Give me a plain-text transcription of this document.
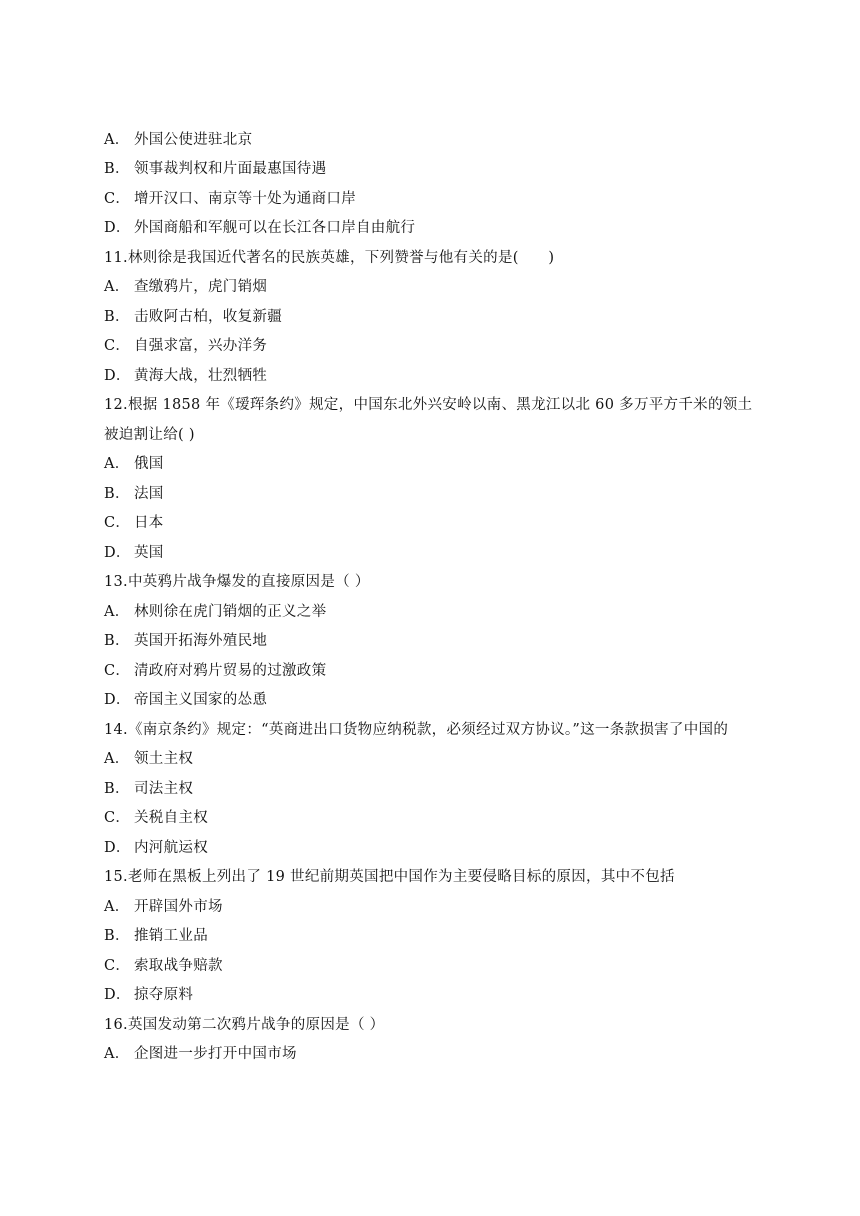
A． 外国公使进驻北京
B． 领事裁判权和片面最惠国待遇
C． 增开汉口、南京等十处为通商口岸
D． 外国商船和军舰可以在长江各口岸自由航行
11.林则徐是我国近代著名的民族英雄，下列赞誉与他有关的是(　　)
A． 查缴鸦片，虎门销烟
B． 击败阿古柏，收复新疆
C． 自强求富，兴办洋务
D． 黄海大战，壮烈牺牲
12.根据 1858 年《瑷珲条约》规定，中国东北外兴安岭以南、黑龙江以北 60 多万平方千米的领土
被迫割让给( )
A． 俄国
B． 法国
C． 日本
D． 英国
13.中英鸦片战争爆发的直接原因是（ ）
A． 林则徐在虎门销烟的正义之举
B． 英国开拓海外殖民地
C． 清政府对鸦片贸易的过激政策
D． 帝国主义国家的怂恿
14.《南京条约》规定：“英商进出口货物应纳税款，必须经过双方协议。”这一条款损害了中国的
A． 领土主权
B． 司法主权
C． 关税自主权
D． 内河航运权
15.老师在黑板上列出了 19 世纪前期英国把中国作为主要侵略目标的原因，其中不包括
A． 开辟国外市场
B． 推销工业品
C． 索取战争赔款
D． 掠夺原料
16.英国发动第二次鸦片战争的原因是（ ）
A． 企图进一步打开中国市场
